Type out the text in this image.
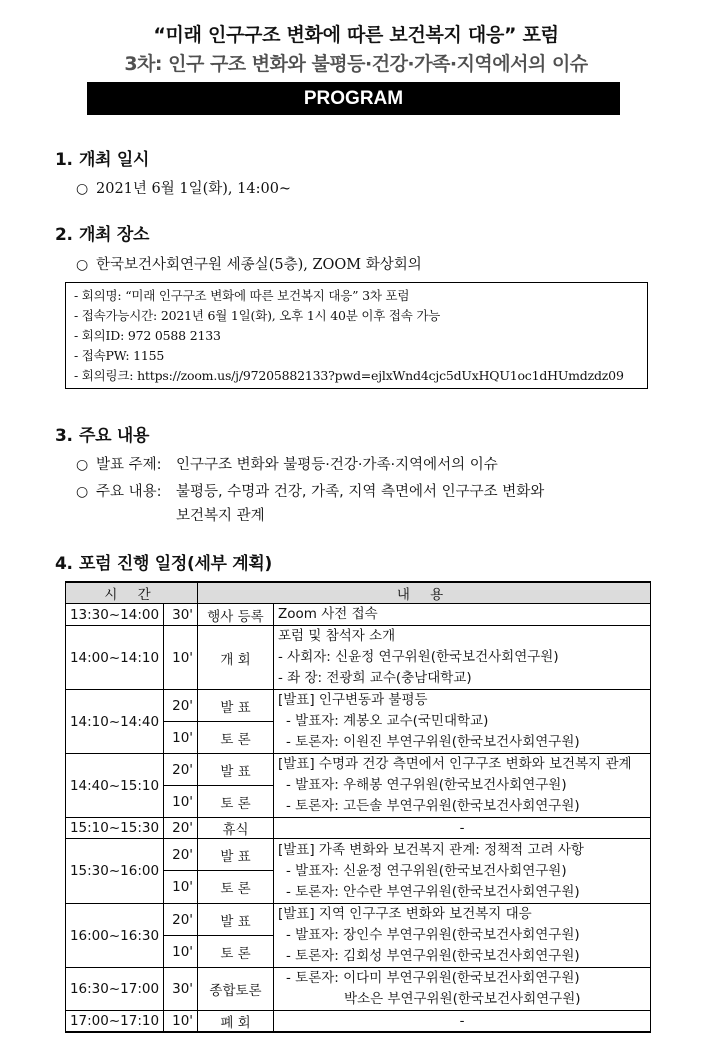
“미래 인구구조 변화에 따른 보건복지 대응” 포럼
3차: 인구 구조 변화와 불평등·건강·가족·지역에서의 이슈
PROGRAM
1. 개최 일시
○ 2021년 6월 1일(화), 14:00~
2. 개최 장소
○ 한국보건사회연구원 세종실(5층), ZOOM 화상회의
- 회의명: “미래 인구구조 변화에 따른 보건복지 대응” 3차 포럼
- 접속가능시간: 2021년 6월 1일(화), 오후 1시 40분 이후 접속 가능
- 회의ID: 972 0588 2133
- 접속PW: 1155
- 회의링크: https://zoom.us/j/97205882133?pwd=ejlxWnd4cjc5dUxHQU1oc1dHUmdzdz09
3. 주요 내용
○ 발표 주제: 인구구조 변화와 불평등·건강·가족·지역에서의 이슈
○ 주요 내용: 불평등, 수명과 건강, 가족, 지역 측면에서 인구구조 변화와
보건복지 관계
4. 포럼 진행 일정(세부 계획)
시 간		내 용	
13:30~14:00	30'	행사 등록	Zoom 사전 접속
14:00~14:10	10'	개 회	포럼 및 참석자 소개
- 사회자: 신윤정 연구위원(한국보건사회연구원)
- 좌 장: 전광희 교수(충남대학교)

14:10~14:40	20'	발 표	[발표] 인구변동과 불평등
- 발표자: 계봉오 교수(국민대학교)
- 토론자: 이원진 부연구위원(한국보건사회연구원)

	10'	토 론	
14:40~15:10	20'	발 표	[발표] 수명과 건강 측면에서 인구구조 변화와 보건복지 관계
- 발표자: 우해봉 연구위원(한국보건사회연구원)
- 토론자: 고든솔 부연구위원(한국보건사회연구원)

	10'	토 론	
15:10~15:30	20'	휴식	-
15:30~16:00	20'	발 표	[발표] 가족 변화와 보건복지 관계: 정책적 고려 사항
- 발표자: 신윤정 연구위원(한국보건사회연구원)
- 토론자: 안수란 부연구위원(한국보건사회연구원)

	10'	토 론	
16:00~16:30	20'	발 표	[발표] 지역 인구구조 변화와 보건복지 대응
- 발표자: 장인수 부연구위원(한국보건사회연구원)
- 토론자: 김회성 부연구위원(한국보건사회연구원)

	10'	토 론	
16:30~17:00	30'	종합토론	- 토론자: 이다미 부연구위원(한국보건사회연구원)
박소은 부연구위원(한국보건사회연구원)

17:00~17:10	10'	폐 회	-
